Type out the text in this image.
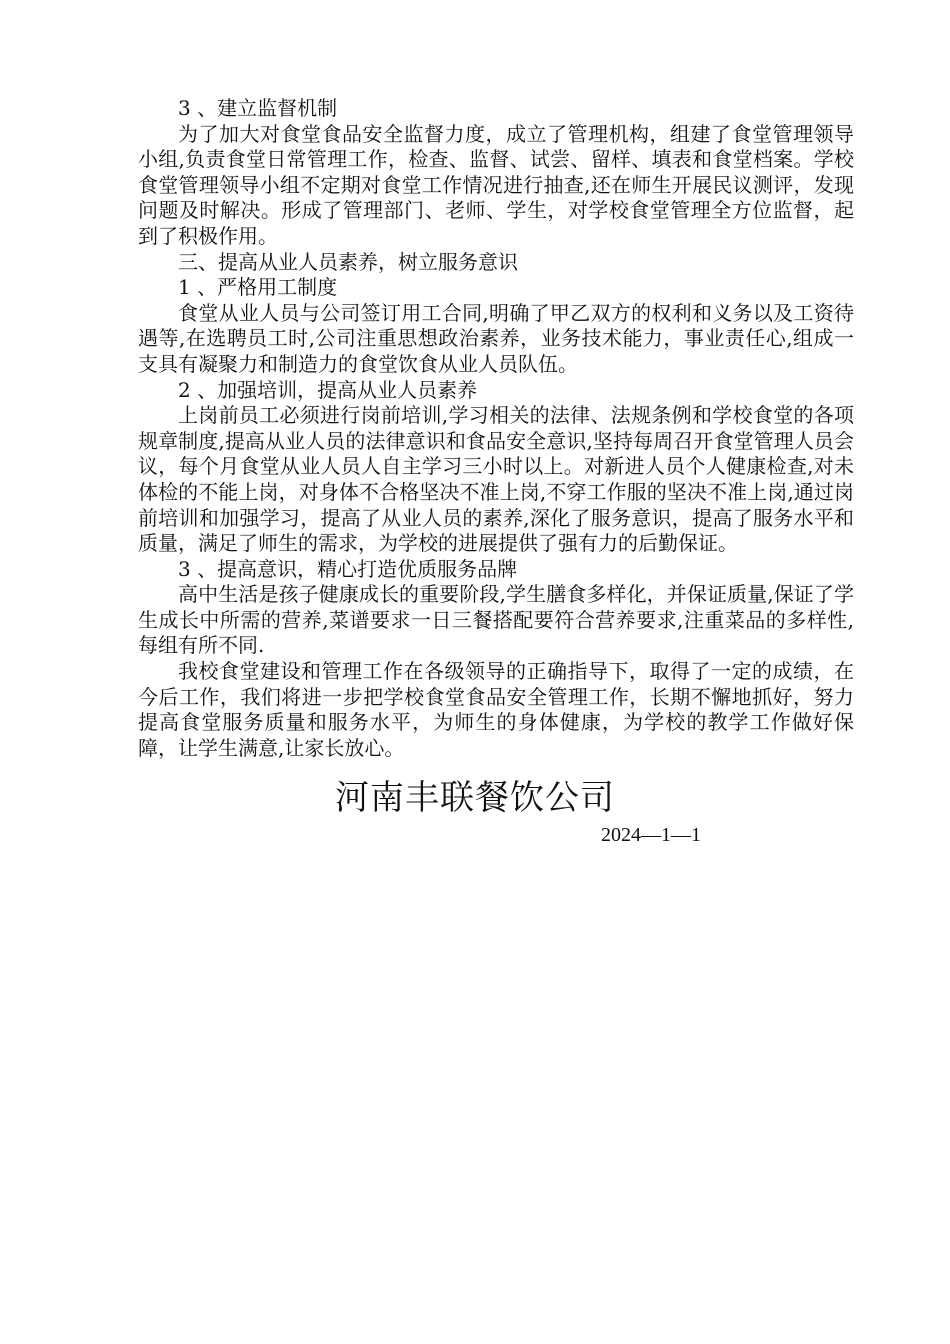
3 、建立监督机制

为了加大对食堂食品安全监督力度，成立了管理机构，组建了食堂管理领导小组,负责食堂日常管理工作，检查、监督、试尝、留样、填表和食堂档案。学校食堂管理领导小组不定期对食堂工作情况进行抽查,还在师生开展民议测评，发现问题及时解决。形成了管理部门、老师、学生，对学校食堂管理全方位监督，起到了积极作用。

三、提高从业人员素养，树立服务意识

1 、严格用工制度

食堂从业人员与公司签订用工合同,明确了甲乙双方的权利和义务以及工资待遇等,在选聘员工时,公司注重思想政治素养，业务技术能力，事业责任心,组成一支具有凝聚力和制造力的食堂饮食从业人员队伍。

2 、加强培训，提高从业人员素养

上岗前员工必须进行岗前培训,学习相关的法律、法规条例和学校食堂的各项规章制度,提高从业人员的法律意识和食品安全意识,坚持每周召开食堂管理人员会议，每个月食堂从业人员人自主学习三小时以上。对新进人员个人健康检查,对未体检的不能上岗，对身体不合格坚决不准上岗,不穿工作服的坚决不准上岗,通过岗前培训和加强学习，提高了从业人员的素养,深化了服务意识，提高了服务水平和质量，满足了师生的需求，为学校的进展提供了强有力的后勤保证。

3 、提高意识，精心打造优质服务品牌

高中生活是孩子健康成长的重要阶段,学生膳食多样化，并保证质量,保证了学生成长中所需的营养,菜谱要求一日三餐搭配要符合营养要求,注重菜品的多样性,每组有所不同.

我校食堂建设和管理工作在各级领导的正确指导下，取得了一定的成绩，在今后工作，我们将进一步把学校食堂食品安全管理工作，长期不懈地抓好，努力提高食堂服务质量和服务水平，为师生的身体健康，为学校的教学工作做好保障，让学生满意,让家长放心。

河南丰联餐饮公司
2024—1—1
